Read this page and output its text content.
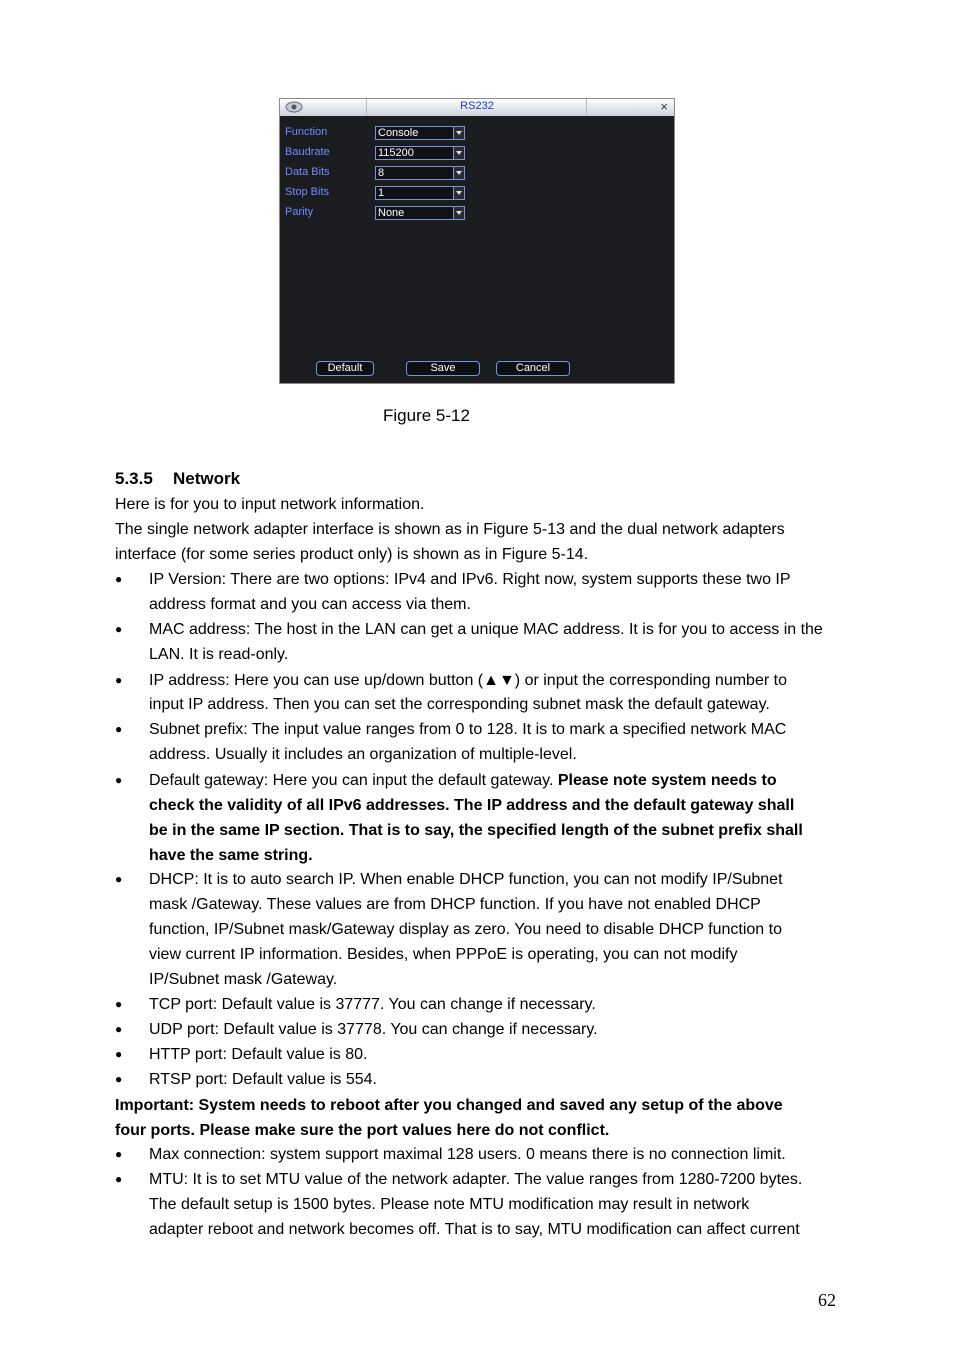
RS232	×
Function	Console
Baudrate	115200
Data Bits	8
Stop Bits	1
Parity	None
Default	Save	Cancel
Figure 5-12
5.3.5 Network
Here is for you to input network information.
The single network adapter interface is shown as in Figure 5-13 and the dual network adapters
interface (for some series product only) is shown as in Figure 5-14.
● IP Version: There are two options: IPv4 and IPv6. Right now, system supports these two IP
address format and you can access via them.
● MAC address: The host in the LAN can get a unique MAC address. It is for you to access in the
LAN. It is read-only.
● IP address: Here you can use up/down button (▲▼) or input the corresponding number to
input IP address. Then you can set the corresponding subnet mask the default gateway.
● Subnet prefix: The input value ranges from 0 to 128. It is to mark a specified network MAC
address. Usually it includes an organization of multiple-level.
● Default gateway: Here you can input the default gateway. Please note system needs to
check the validity of all IPv6 addresses. The IP address and the default gateway shall
be in the same IP section. That is to say, the specified length of the subnet prefix shall
have the same string.
● DHCP: It is to auto search IP. When enable DHCP function, you can not modify IP/Subnet
mask /Gateway. These values are from DHCP function. If you have not enabled DHCP
function, IP/Subnet mask/Gateway display as zero. You need to disable DHCP function to
view current IP information. Besides, when PPPoE is operating, you can not modify
IP/Subnet mask /Gateway.
● TCP port: Default value is 37777. You can change if necessary.
● UDP port: Default value is 37778. You can change if necessary.
● HTTP port: Default value is 80.
● RTSP port: Default value is 554.
Important: System needs to reboot after you changed and saved any setup of the above
four ports. Please make sure the port values here do not conflict.
● Max connection: system support maximal 128 users. 0 means there is no connection limit.
● MTU: It is to set MTU value of the network adapter. The value ranges from 1280-7200 bytes.
The default setup is 1500 bytes. Please note MTU modification may result in network
adapter reboot and network becomes off. That is to say, MTU modification can affect current
62
